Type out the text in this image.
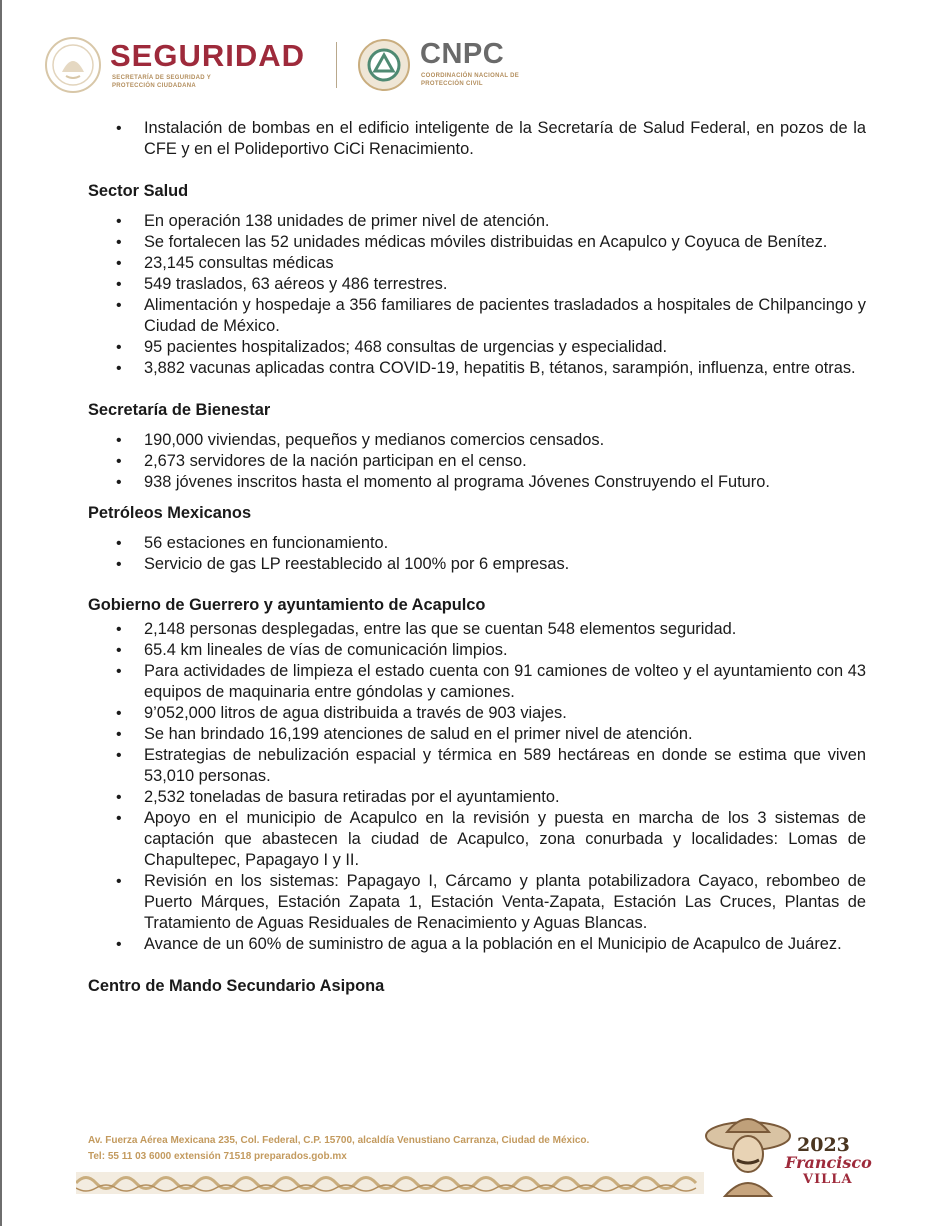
SEGURIDAD
SECRETARÍA DE SEGURIDAD Y PROTECCIÓN CIUDADANA
CNPC
COORDINACIÓN NACIONAL DE PROTECCIÓN CIVIL
• Instalación de bombas en el edificio inteligente de la Secretaría de Salud Federal, en pozos de la CFE y en el Polideportivo CiCi Renacimiento.

Sector Salud

• En operación 138 unidades de primer nivel de atención.
• Se fortalecen las 52 unidades médicas móviles distribuidas en Acapulco y Coyuca de Benítez.
• 23,145 consultas médicas
• 549 traslados, 63 aéreos y 486 terrestres.
• Alimentación y hospedaje a 356 familiares de pacientes trasladados a hospitales de Chilpancingo y Ciudad de México.
• 95 pacientes hospitalizados; 468 consultas de urgencias y especialidad.
• 3,882 vacunas aplicadas contra COVID-19, hepatitis B, tétanos, sarampión, influenza, entre otras.

Secretaría de Bienestar

• 190,000 viviendas, pequeños y medianos comercios censados.
• 2,673 servidores de la nación participan en el censo.
• 938 jóvenes inscritos hasta el momento al programa Jóvenes Construyendo el Futuro.

Petróleos Mexicanos

• 56 estaciones en funcionamiento.
• Servicio de gas LP reestablecido al 100% por 6 empresas.

Gobierno de Guerrero y ayuntamiento de Acapulco

• 2,148 personas desplegadas, entre las que se cuentan 548 elementos seguridad.
• 65.4 km lineales de vías de comunicación limpios.
• Para actividades de limpieza el estado cuenta con 91 camiones de volteo y el ayuntamiento con 43 equipos de maquinaria entre góndolas y camiones.
• 9’052,000 litros de agua distribuida a través de 903 viajes.
• Se han brindado 16,199 atenciones de salud en el primer nivel de atención.
• Estrategias de nebulización espacial y térmica en 589 hectáreas en donde se estima que viven 53,010 personas.
• 2,532 toneladas de basura retiradas por el ayuntamiento.
• Apoyo en el municipio de Acapulco en la revisión y puesta en marcha de los 3 sistemas de captación que abastecen la ciudad de Acapulco, zona conurbada y localidades: Lomas de Chapultepec, Papagayo I y II.
• Revisión en los sistemas: Papagayo I, Cárcamo y planta potabilizadora Cayaco, rebombeo de Puerto Márques, Estación Zapata 1, Estación Venta-Zapata, Estación Las Cruces, Plantas de Tratamiento de Aguas Residuales de Renacimiento y Aguas Blancas.
• Avance de un 60% de suministro de agua a la población en el Municipio de Acapulco de Juárez.

Centro de Mando Secundario Asipona

Av. Fuerza Aérea Mexicana 235, Col. Federal, C.P. 15700, alcaldía Venustiano Carranza, Ciudad de México.
Tel: 55 11 03 6000 extensión 71518 preparados.gob.mx
2023
Francisco
VILLA
